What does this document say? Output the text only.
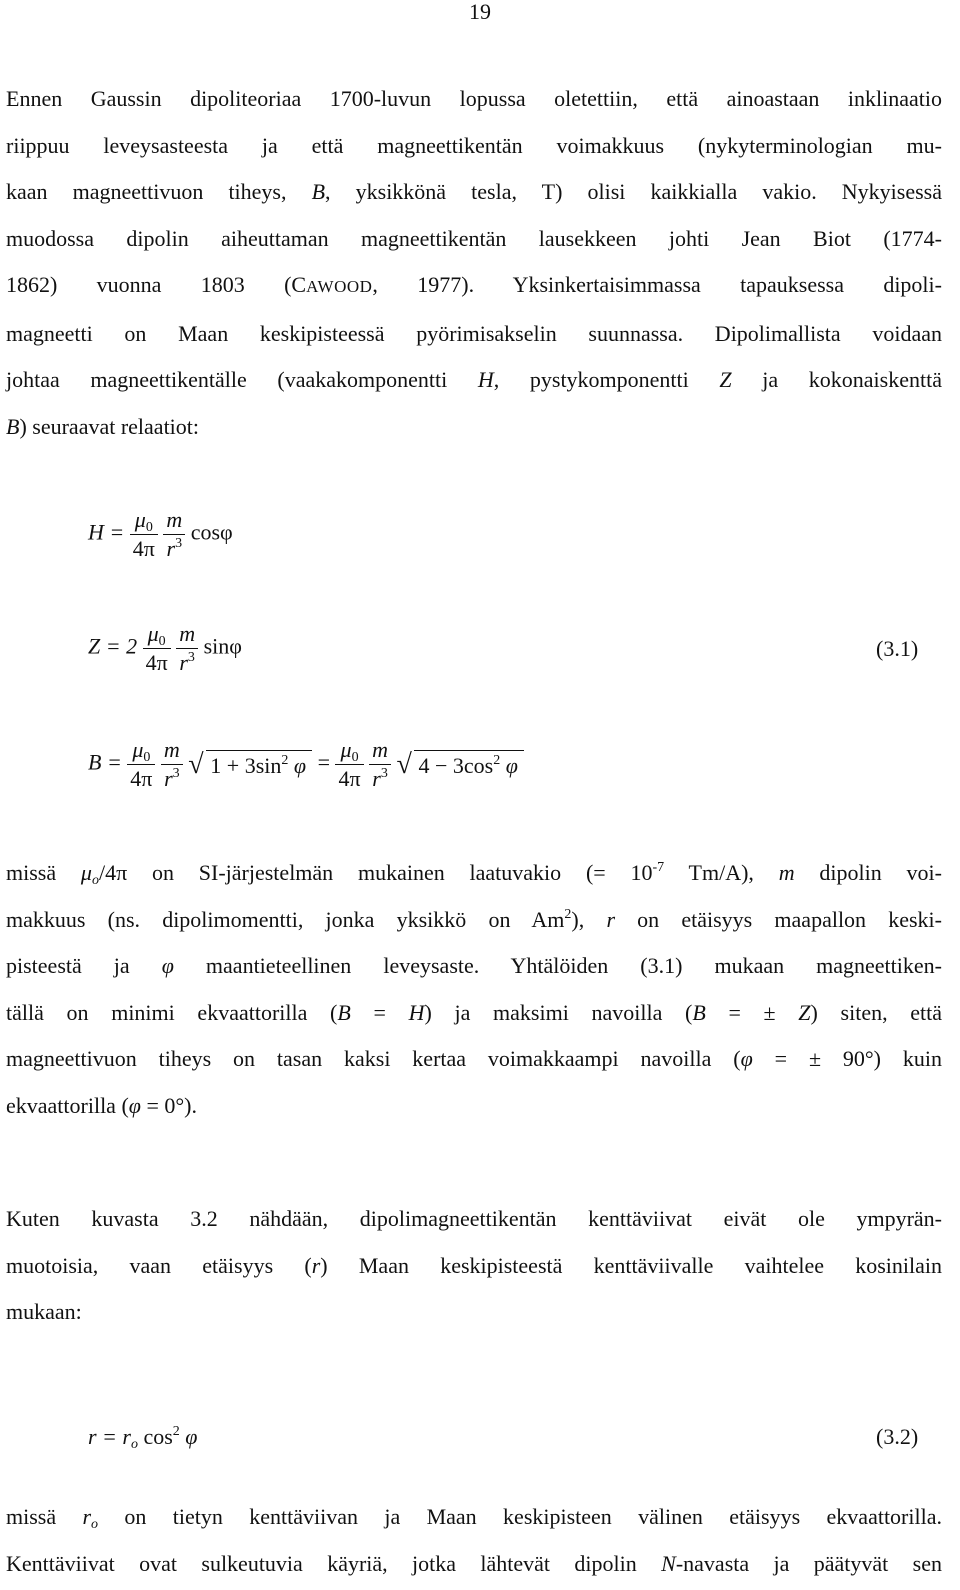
19
Ennen Gaussin dipoliteoriaa 1700-luvun lopussa oletettiin, että ainoastaan inklinaatio
riippuu leveysasteesta ja että magneettikentän voimakkuus (nykyterminologian mu-
kaan magneettivuon tiheys, B, yksikkönä tesla, T) olisi kaikkialla vakio. Nykyisessä
muodossa dipolin aiheuttaman magneettikentän lausekkeen johti Jean Biot (1774-
1862) vuonna 1803 (CAWOOD, 1977). Yksinkertaisimmassa tapauksessa dipoli-
magneetti on Maan keskipisteessä pyörimisakselin suunnassa. Dipolimallista voidaan
johtaa magneettikentälle (vaakakomponentti H, pystykomponentti Z ja kokonaiskenttä
B) seuraavat relaatiot:
$H = \frac{\mu_0}{4\pi}$
$\frac{m}{r^3}$ cosφ
$Z = 2 \frac{\mu_0}{4\pi}$
$\frac{m}{r^3}$ sinφ	(3.1)
$B = \frac{\mu_0}{4\pi}$
$\frac{m}{r^3}$
√ $1 + 3\sin^2$ $\varphi = \frac{\mu_0}{4\pi}$
$\frac{m}{r^3}$
√ $4 - 3\cos^2$ φ
missä $\mu_o/4\pi$ on SI-järjestelmän mukainen laatuvakio (= $10^{-7}$ Tm/A), m dipolin voi-
makkuus (ns. dipolimomentti, jonka yksikkö on Am$^2$), r on etäisyys maapallon keski-
pisteestä ja φ maantieteellinen leveysaste. Yhtälöiden (3.1) mukaan magneettiken-
tällä on minimi ekvaattorilla (B = H) ja maksimi navoilla (B = ± Z) siten, että
magneettivuon tiheys on tasan kaksi kertaa voimakkaampi navoilla (φ = ± 90°) kuin
ekvaattorilla (φ = 0°).
Kuten kuvasta 3.2 nähdään, dipolimagneettikentän kenttäviivat eivät ole ympyrän-
muotoisia, vaan etäisyys (r) Maan keskipisteestä kenttäviivalle vaihtelee kosinilain
mukaan:
$r = r_o$ $\cos^2 \varphi$	(3.2)
missä $r_o$ on tietyn kenttäviivan ja Maan keskipisteen välinen etäisyys ekvaattorilla.
Kenttäviivat ovat sulkeutuvia käyriä, jotka lähtevät dipolin N-navasta ja päätyvät sen
